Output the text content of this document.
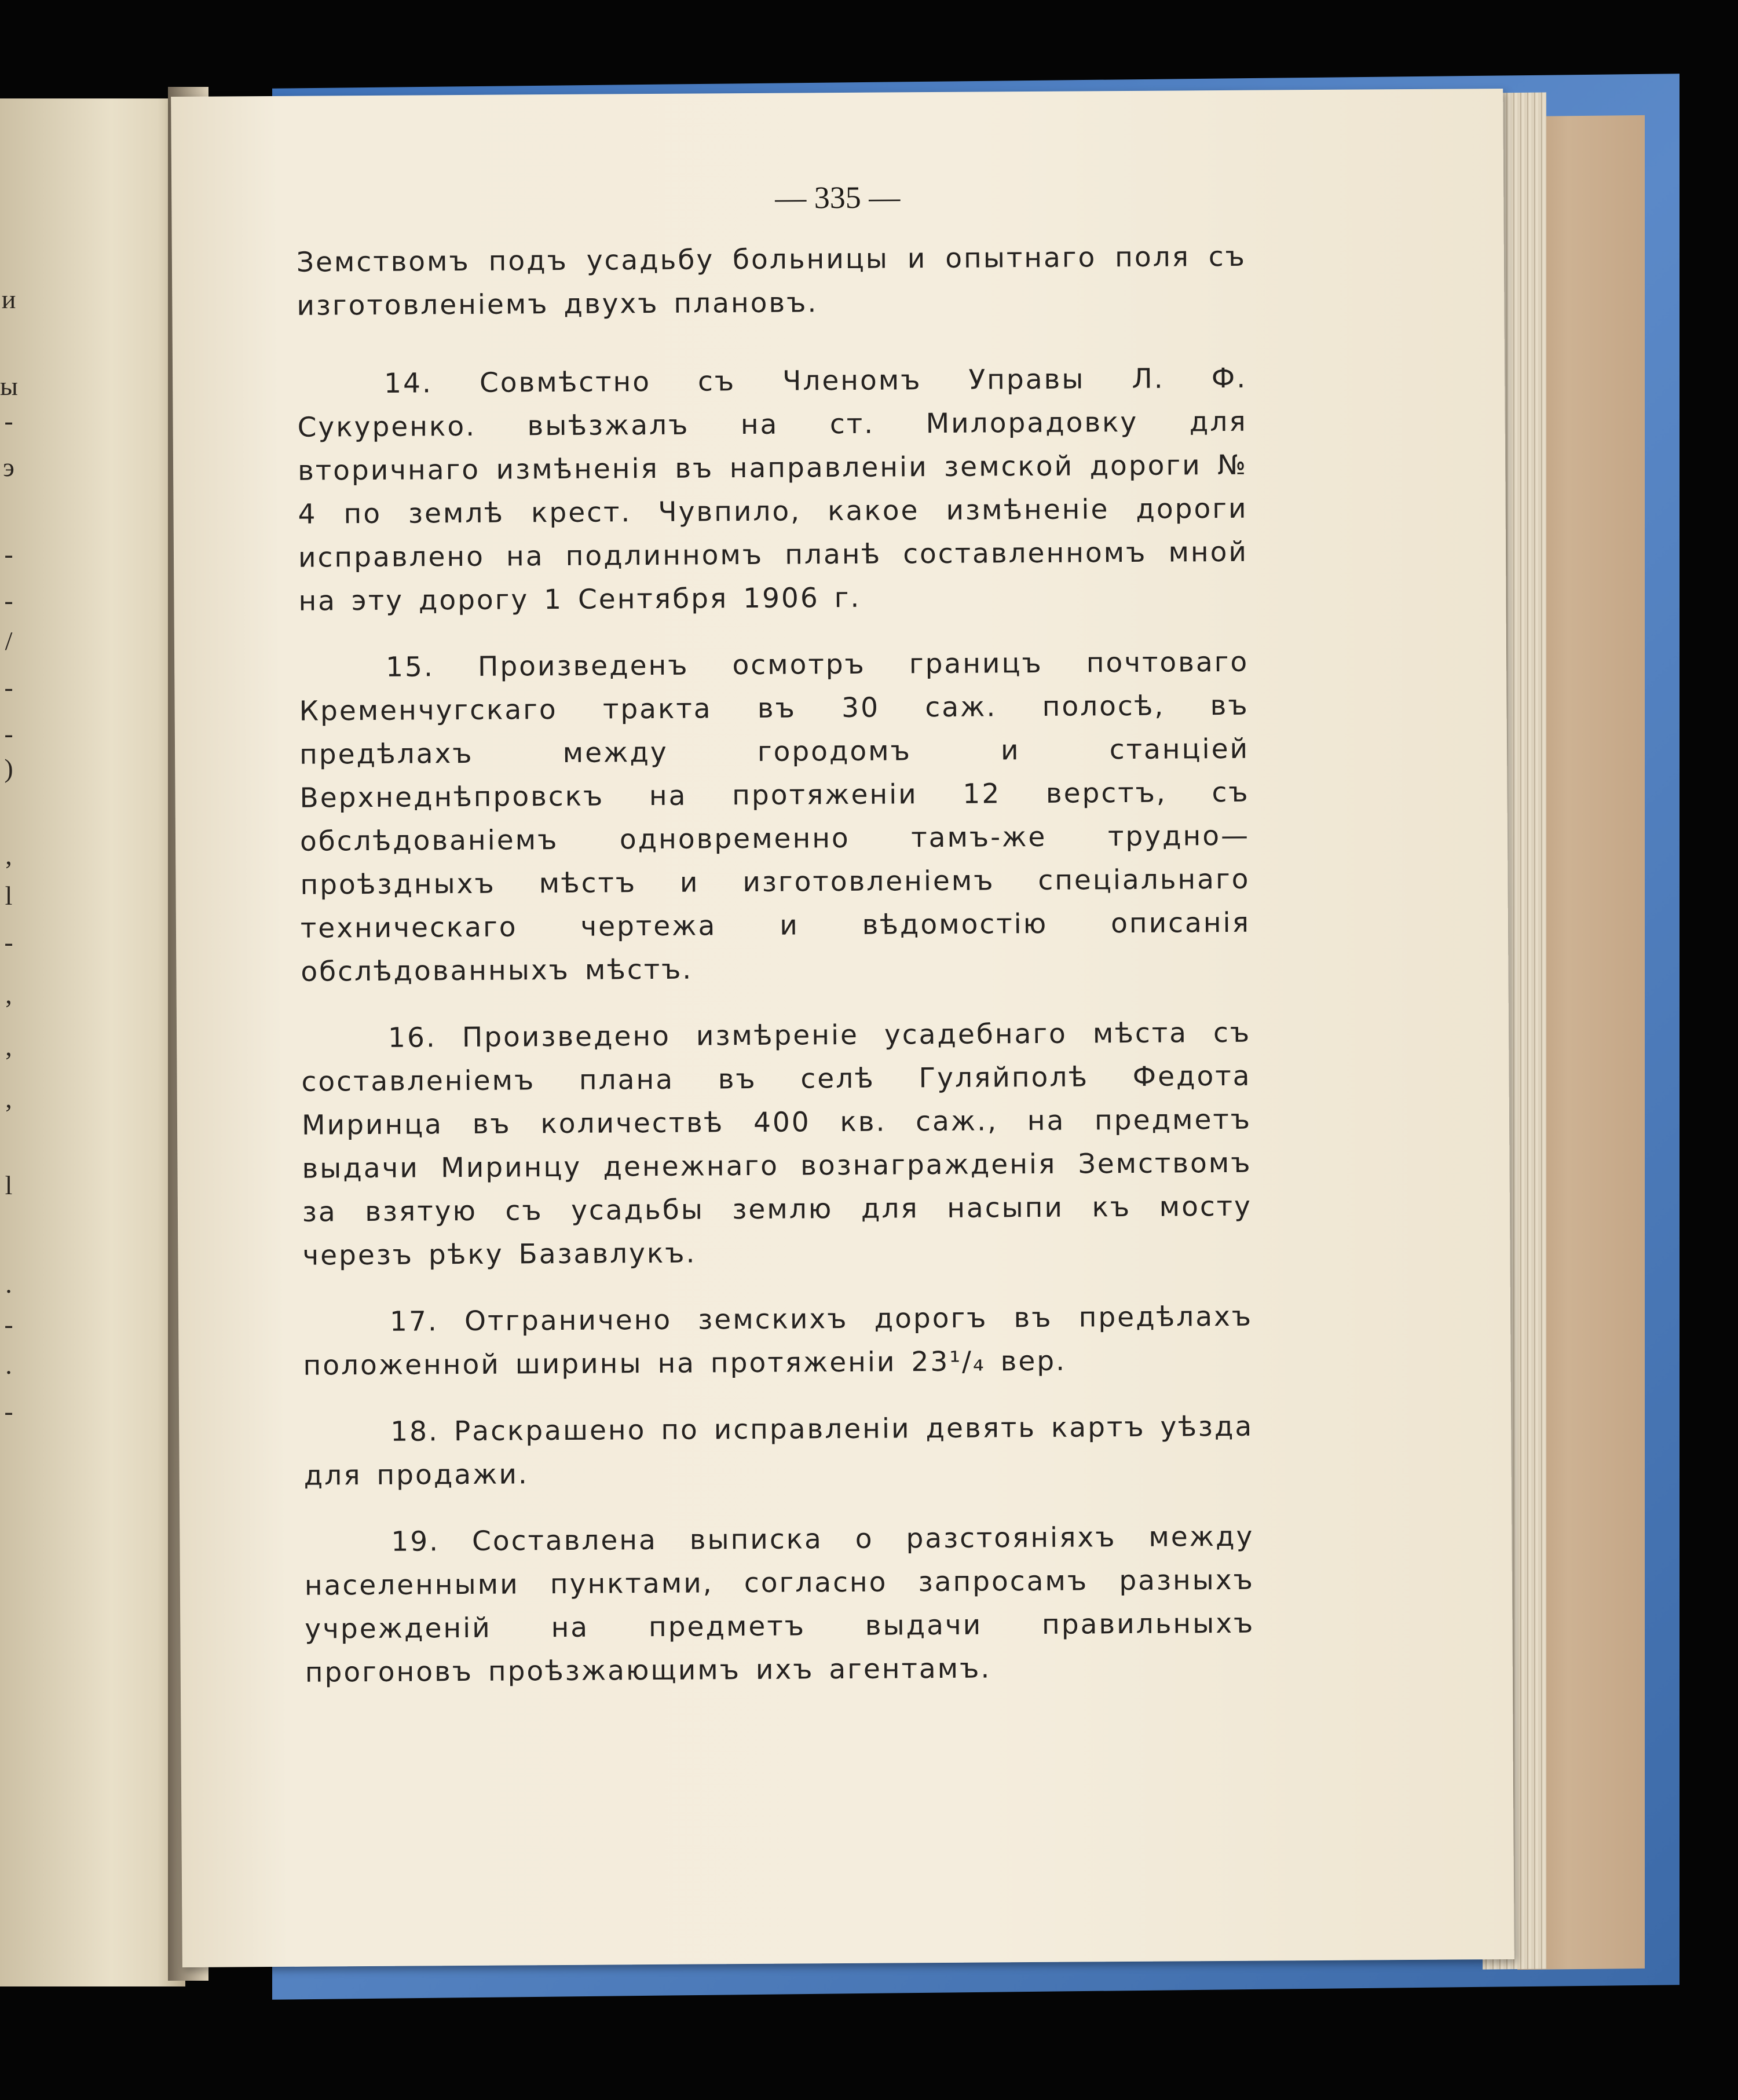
и
ы
-
э
-
-
/
-
-
)
,
l
-
,
,
,
l
.
-
.
-
— 335 —

Земствомъ подъ усадьбу больницы и опытнаго поля съ изготовленіемъ двухъ плановъ.

14. Совмѣстно съ Членомъ Управы Л. Ф. Сукуренко. выѣзжалъ на ст. Милорадовку для вторичнаго измѣненія въ направленіи земской дороги № 4 по землѣ крест. Чувпило, какое измѣненіе дороги исправлено на подлинномъ планѣ составленномъ мной на эту дорогу 1 Сентября 1906 г.

15. Произведенъ осмотръ границъ почтоваго Кременчугскаго тракта въ 30 саж. полосѣ, въ предѣлахъ между городомъ и станціей Верхнеднѣпровскъ на протяженіи 12 верстъ, съ обслѣдованіемъ одновременно тамъ-же трудно—проѣздныхъ мѣстъ и изготовленіемъ спеціальнаго техническаго чертежа и вѣдомостію описанія обслѣдованныхъ мѣстъ.

16. Произведено измѣреніе усадебнаго мѣста съ составленіемъ плана въ селѣ Гуляйполѣ Федота Миринца въ количествѣ 400 кв. саж., на предметъ выдачи Миринцу денежнаго вознагражденія Земствомъ за взятую съ усадьбы землю для насыпи къ мосту черезъ рѣку Базавлукъ.

17. Отграничено земскихъ дорогъ въ предѣлахъ положенной ширины на протяженіи 23¹/₄ вер.

18. Раскрашено по исправленіи девять картъ уѣзда для продажи.

19. Составлена выписка о разстояніяхъ между населенными пунктами, согласно запросамъ разныхъ учрежденій на предметъ выдачи правильныхъ прогоновъ проѣзжающимъ ихъ агентамъ.
